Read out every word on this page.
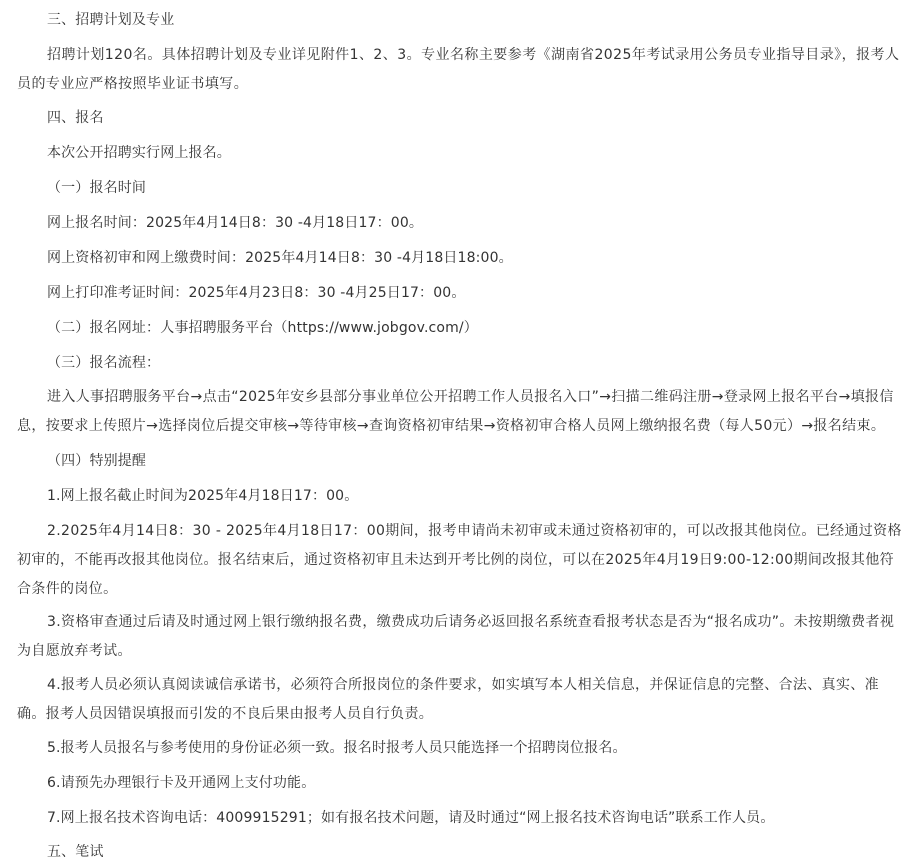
三、招聘计划及专业

招聘计划120名。具体招聘计划及专业详见附件1、2、3。专业名称主要参考《湖南省2025年考试录用公务员专业指导目录》，报考人员的专业应严格按照毕业证书填写。

四、报名

本次公开招聘实行网上报名。

（一）报名时间

网上报名时间：2025年4月14日8：30 -4月18日17：00。

网上资格初审和网上缴费时间：2025年4月14日8：30 -4月18日18:00。

网上打印准考证时间：2025年4月23日8：30 -4月25日17：00。

（二）报名网址：人事招聘服务平台（https://www.jobgov.com/）

（三）报名流程：

进入人事招聘服务平台→点击“2025年安乡县部分事业单位公开招聘工作人员报名入口”→扫描二维码注册→登录网上报名平台→填报信息，按要求上传照片→选择岗位后提交审核→等待审核→查询资格初审结果→资格初审合格人员网上缴纳报名费（每人50元）→报名结束。

（四）特别提醒

1.网上报名截止时间为2025年4月18日17：00。

2.2025年4月14日8：30 - 2025年4月18日17：00期间，报考申请尚未初审或未通过资格初审的，可以改报其他岗位。已经通过资格初审的，不能再改报其他岗位。报名结束后，通过资格初审且未达到开考比例的岗位，可以在2025年4月19日9:00-12:00期间改报其他符合条件的岗位。

3.资格审查通过后请及时通过网上银行缴纳报名费，缴费成功后请务必返回报名系统查看报考状态是否为“报名成功”。未按期缴费者视为自愿放弃考试。

4.报考人员必须认真阅读诚信承诺书，必须符合所报岗位的条件要求，如实填写本人相关信息，并保证信息的完整、合法、真实、准确。报考人员因错误填报而引发的不良后果由报考人员自行负责。

5.报考人员报名与参考使用的身份证必须一致。报名时报考人员只能选择一个招聘岗位报名。

6.请预先办理银行卡及开通网上支付功能。

7.网上报名技术咨询电话：4009915291；如有报名技术问题，请及时通过“网上报名技术咨询电话”联系工作人员。

五、笔试
